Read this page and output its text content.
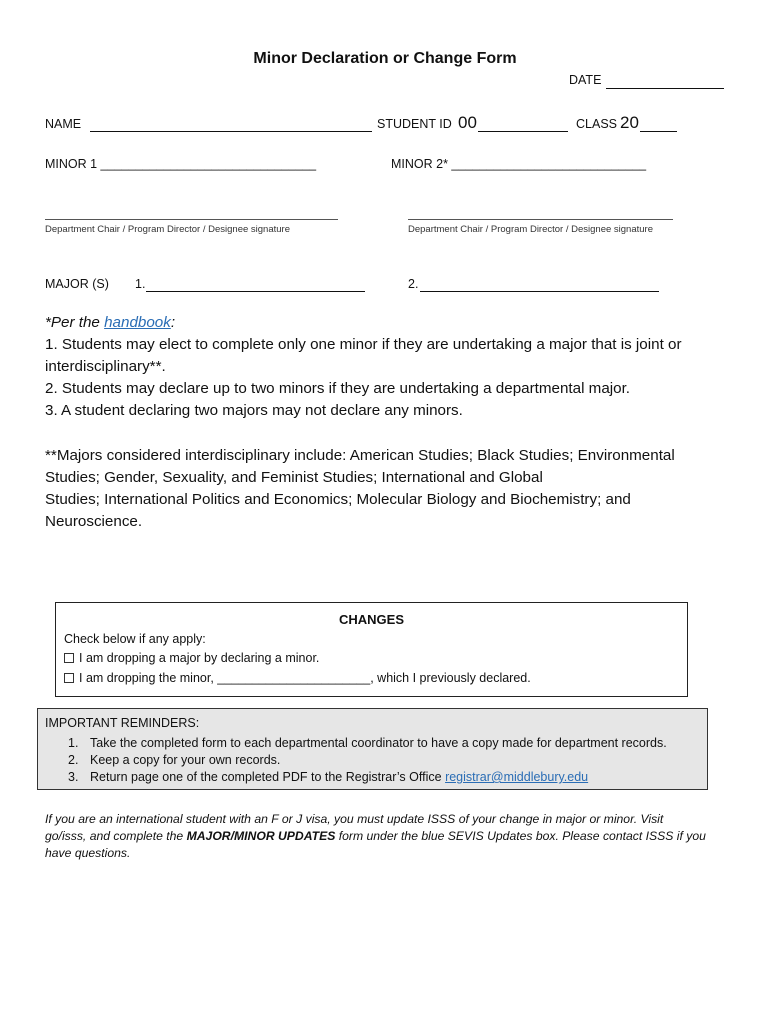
Minor Declaration or Change Form
DATE
NAME	STUDENT ID 00	CLASS 20
MINOR 1 _______________________________	MINOR 2* ____________________________
Department Chair / Program Director / Designee signature	Department Chair / Program Director / Designee signature
MAJOR (S) 1.	2.

*Per the handbook:

1. Students may elect to complete only one minor if they are undertaking a major that is joint or interdisciplinary**.

2. Students may declare up to two minors if they are undertaking a departmental major.

3. A student declaring two majors may not declare any minors.

**Majors considered interdisciplinary include: American Studies; Black Studies; Environmental

Studies; Gender, Sexuality, and Feminist Studies; International and Global

Studies; International Politics and Economics; Molecular Biology and Biochemistry; and

Neuroscience.

CHANGES
Check below if any apply:
I am dropping a major by declaring a minor.
I am dropping the minor, ______________________, which I previously declared.
IMPORTANT REMINDERS:
1. Take the completed form to each departmental coordinator to have a copy made for department records.
2. Keep a copy for your own records.
3. Return page one of the completed PDF to the Registrar’s Office registrar@middlebury.edu

If you are an international student with an F or J visa, you must update ISSS of your change in major or minor. Visit

go/isss, and complete the MAJOR/MINOR UPDATES form under the blue SEVIS Updates box. Please contact ISSS if you

have questions.
